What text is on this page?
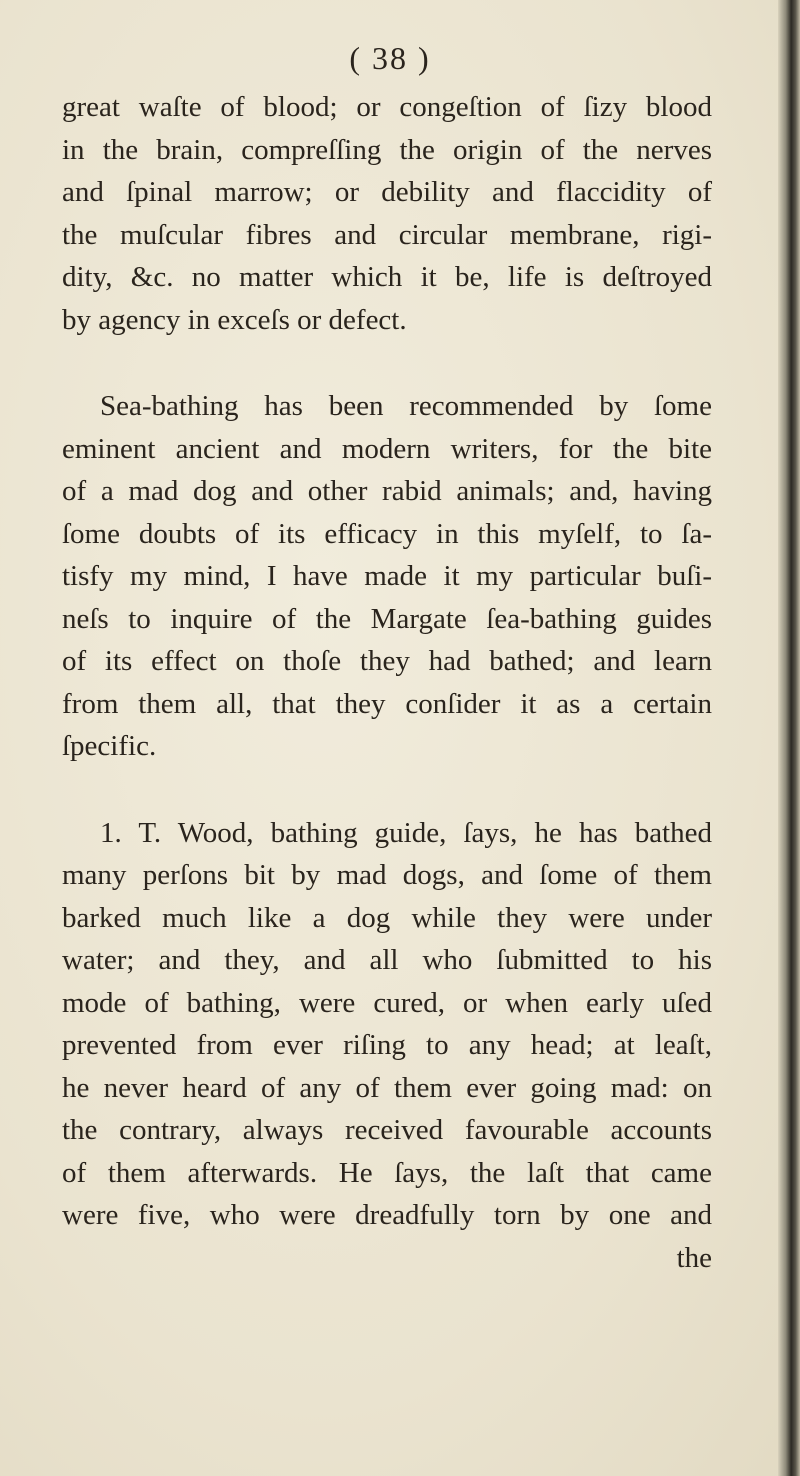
( 38 )
great waſte of blood; or congeſtion of ſizy blood
in the brain, compreſſing the origin of the nerves
and ſpinal marrow; or debility and flaccidity of
the muſcular fibres and circular membrane, rigi-
dity, &c. no matter which it be, life is deſtroyed
by agency in exceſs or defect.
Sea-bathing has been recommended by ſome
eminent ancient and modern writers, for the bite
of a mad dog and other rabid animals; and, having
ſome doubts of its efficacy in this myſelf, to ſa-
tisfy my mind, I have made it my particular buſi-
neſs to inquire of the Margate ſea-bathing guides
of its effect on thoſe they had bathed; and learn
from them all, that they conſider it as a certain
ſpecific.
1. T. Wood, bathing guide, ſays, he has bathed
many perſons bit by mad dogs, and ſome of them
barked much like a dog while they were under
water; and they, and all who ſubmitted to his
mode of bathing, were cured, or when early uſed
prevented from ever riſing to any head; at leaſt,
he never heard of any of them ever going mad: on
the contrary, always received favourable accounts
of them afterwards. He ſays, the laſt that came
were five, who were dreadfully torn by one and
the
